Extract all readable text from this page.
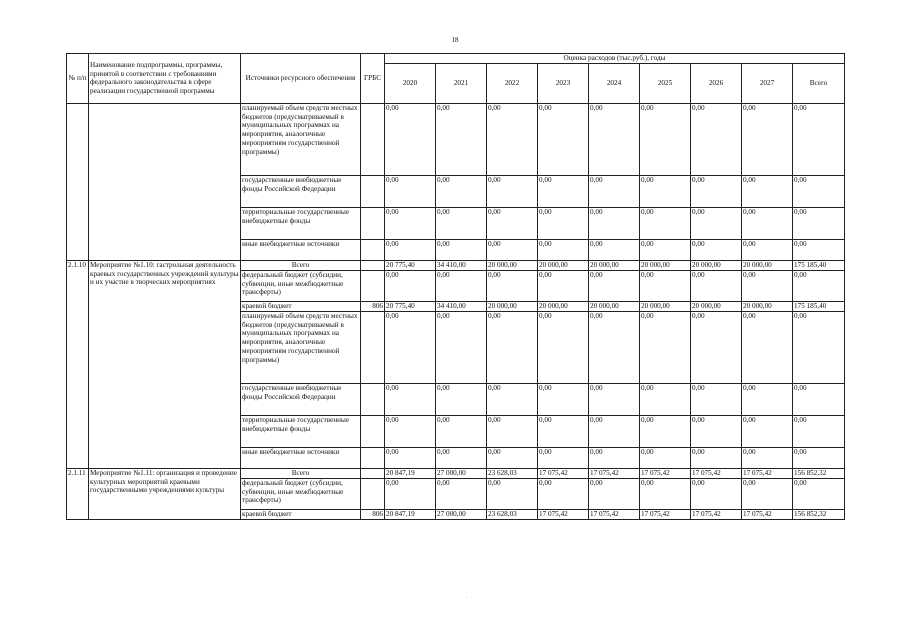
18
№ п/п	Наименование подпрограммы, программы, принятой в соответствии с требованиями федерального законодательства в сфере реализации государственной программы	Источники ресурсного обеспечения	ГРБС	Оценка расходов (тыс.руб.), годы								
				2020	2021	2022	2023	2024	2025	2026	2027	Всего
		планируемый объем средств местных бюджетов (предусматриваемый в муниципальных программах на мероприятия, аналогичные мероприятиям государственной программы)		0,00	0,00	0,00	0,00	0,00	0,00	0,00	0,00	0,00
		государственные внебюджетные фонды Российской Федерации		0,00	0,00	0,00	0,00	0,00	0,00	0,00	0,00	0,00
		территориальные государственные внебюджетные фонды		0,00	0,00	0,00	0,00	0,00	0,00	0,00	0,00	0,00
		иные внебюджетные источники		0,00	0,00	0,00	0,00	0,00	0,00	0,00	0,00	0,00
2.1.10	Мероприятие №1.10: гастрольная деятельность краевых государственных учреждений культуры и их участие в творческих мероприятиях	Всего		20 775,40	34 410,00	20 000,00	20 000,00	20 000,00	20 000,00	20 000,00	20 000,00	175 185,40
		федеральный бюджет (субсидии, субвенции, иные межбюджетные трансферты)		0,00	0,00	0,00	0,00	0,00	0,00	0,00	0,00	0,00
		краевой бюджет	806	20 775,40	34 410,00	20 000,00	20 000,00	20 000,00	20 000,00	20 000,00	20 000,00	175 185,40
		планируемый объем средств местных бюджетов (предусматриваемый в муниципальных программах на мероприятия, аналогичные мероприятиям государственной программы)		0,00	0,00	0,00	0,00	0,00	0,00	0,00	0,00	0,00
		государственные внебюджетные фонды Российской Федерации		0,00	0,00	0,00	0,00	0,00	0,00	0,00	0,00	0,00
		территориальные государственные внебюджетные фонды		0,00	0,00	0,00	0,00	0,00	0,00	0,00	0,00	0,00
		иные внебюджетные источники		0,00	0,00	0,00	0,00	0,00	0,00	0,00	0,00	0,00
2.1.11	Мероприятие №1.11: организация и проведение культурных мероприятий краевыми государственными учреждениями культуры	Всего		20 847,19	27 000,00	23 628,03	17 075,42	17 075,42	17 075,42	17 075,42	17 075,42	156 852,32
		федеральный бюджет (субсидии, субвенции, иные межбюджетные трансферты)		0,00	0,00	0,00	0,00	0,00	0,00	0,00	0,00	0,00
		краевой бюджет	806	20 847,19	27 000,00	23 628,03	17 075,42	17 075,42	17 075,42	17 075,42	17 075,42	156 852,32
.
